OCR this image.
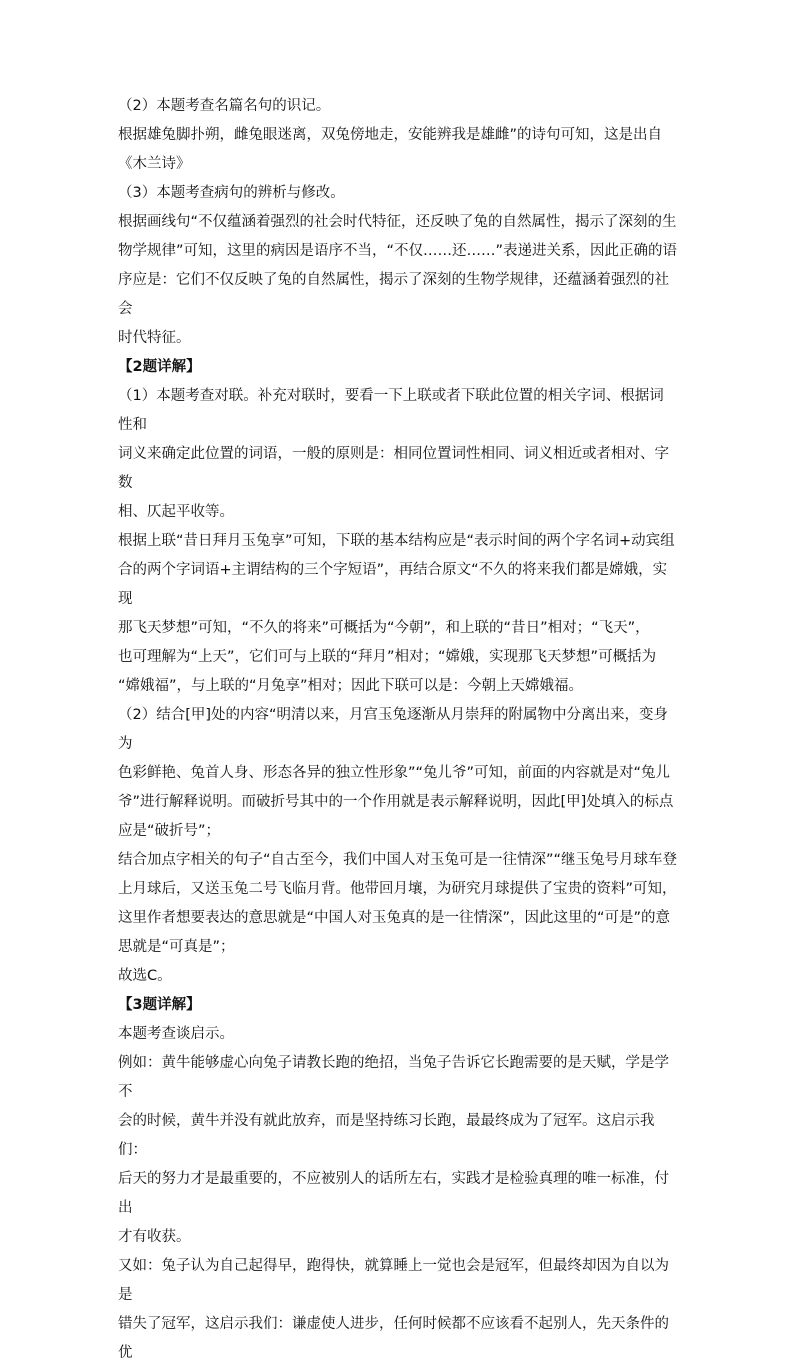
（2）本题考查名篇名句的识记。

根据雄兔脚扑朔，雌兔眼迷离，双兔傍地走，安能辨我是雄雌”的诗句可知，这是出自

《木兰诗》

（3）本题考查病句的辨析与修改。

根据画线句“不仅蕴涵着强烈的社会时代特征，还反映了兔的自然属性，揭示了深刻的生

物学规律”可知，这里的病因是语序不当，“不仅……还……”表递进关系，因此正确的语

序应是：它们不仅反映了兔的自然属性，揭示了深刻的生物学规律，还蕴涵着强烈的社会

时代特征。

【2题详解】

（1）本题考查对联。补充对联时，要看一下上联或者下联此位置的相关字词、根据词性和

词义来确定此位置的词语，一般的原则是：相同位置词性相同、词义相近或者相对、字数

相、仄起平收等。

根据上联“昔日拜月玉兔享”可知，下联的基本结构应是“表示时间的两个字名词+动宾组

合的两个字词语+主谓结构的三个字短语”，再结合原文“不久的将来我们都是嫦娥，实现

那飞天梦想”可知，“不久的将来”可概括为“今朝”，和上联的“昔日”相对；“飞天”，

也可理解为“上天”，它们可与上联的“拜月”相对；“嫦娥，实现那飞天梦想”可概括为

“嫦娥福”，与上联的“月兔享”相对；因此下联可以是：今朝上天嫦娥福。

（2）结合[甲]处的内容“明清以来，月宫玉兔逐渐从月崇拜的附属物中分离出来，变身为

色彩鲜艳、兔首人身、形态各异的独立性形象”“兔儿爷”可知，前面的内容就是对“兔儿

爷”进行解释说明。而破折号其中的一个作用就是表示解释说明，因此[甲]处填入的标点

应是“破折号”；

结合加点字相关的句子“自古至今，我们中国人对玉兔可是一往情深”“继玉兔号月球车登

上月球后，又送玉兔二号飞临月背。他带回月壤，为研究月球提供了宝贵的资料”可知，

这里作者想要表达的意思就是“中国人对玉兔真的是一往情深”，因此这里的“可是”的意

思就是“可真是”；

故选C。

【3题详解】

本题考查谈启示。

例如：黄牛能够虚心向兔子请教长跑的绝招，当兔子告诉它长跑需要的是天赋，学是学不

会的时候，黄牛并没有就此放弃，而是坚持练习长跑，最最终成为了冠军。这启示我们：

后天的努力才是最重要的，不应被别人的话所左右，实践才是检验真理的唯一标准，付出

才有收获。

又如：兔子认为自己起得早，跑得快，就算睡上一觉也会是冠军，但最终却因为自以为是

错失了冠军，这启示我们：谦虚使人进步，任何时候都不应该看不起别人，先天条件的优
